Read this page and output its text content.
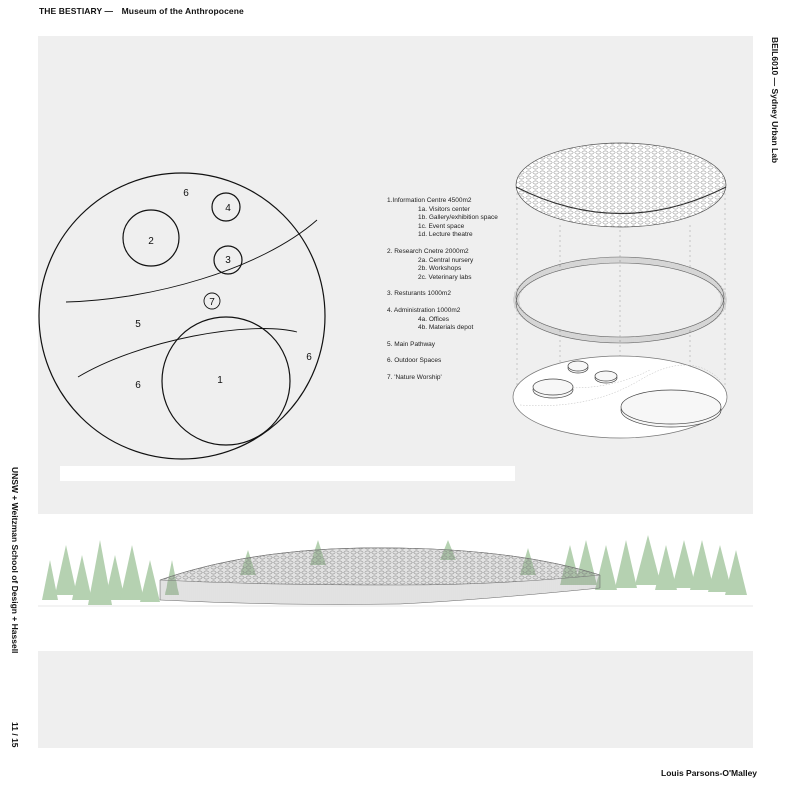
THE BESTIARY — Museum of the Anthropocene
BEIL6010 — Sydney Urban Lab
UNSW + Weitzman School of Design + Hassell
11 / 15
1
2
3
4
5
6
6
6
7
1.Information Centre 4500m2
1a. Visitors center
1b. Gallery/exhibition space
1c. Event space
1d. Lecture theatre
2. Research Cnetre 2000m2
2a. Central nursery
2b. Workshops
2c. Veterinary labs
3. Resturants 1000m2
4. Administration 1000m2
4a. Offices
4b. Materials depot
5. Main Pathway
6. Outdoor Spaces
7. 'Nature Worship'
Louis Parsons-O'Malley
